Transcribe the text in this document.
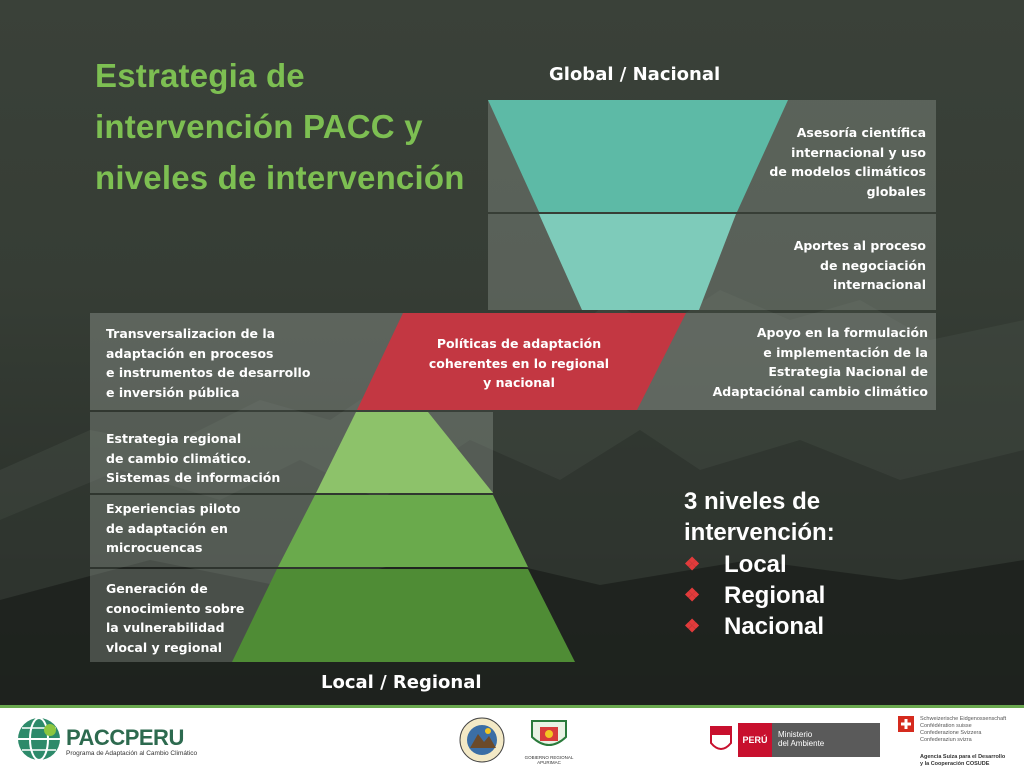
Estrategia de intervención PACC y niveles de intervención
Global / Nacional
Asesoría científica
internacional y uso
de modelos climáticos
globales
Aportes al proceso
de negociación
internacional
Transversalizacion de la
adaptación en procesos
e instrumentos de desarrollo
e inversión pública
Políticas de adaptación
coherentes en lo regional
y nacional
Apoyo en la formulación
e implementación de la
Estrategia Nacional de
Adaptaciónal cambio climático
Estrategia regional
de cambio climático.
Sistemas de información
Experiencias piloto
de adaptación en
microcuencas
Generación de
conocimiento sobre
la vulnerabilidad
vlocal y regional
Local / Regional
3 niveles de intervención:
❖ Local
❖ Regional
❖ Nacional
PACCPERU
Programa de Adaptación al Cambio Climático
GOBIERNO REGIONAL
APURIMAC
PERÚ
Ministerio
del Ambiente
Schweizerische Eidgenossenschaft
Confédération suisse
Confederazione Svizzera
Confederaziun svizra
Agencia Suiza para el Desarrollo
y la Cooperación COSUDE
